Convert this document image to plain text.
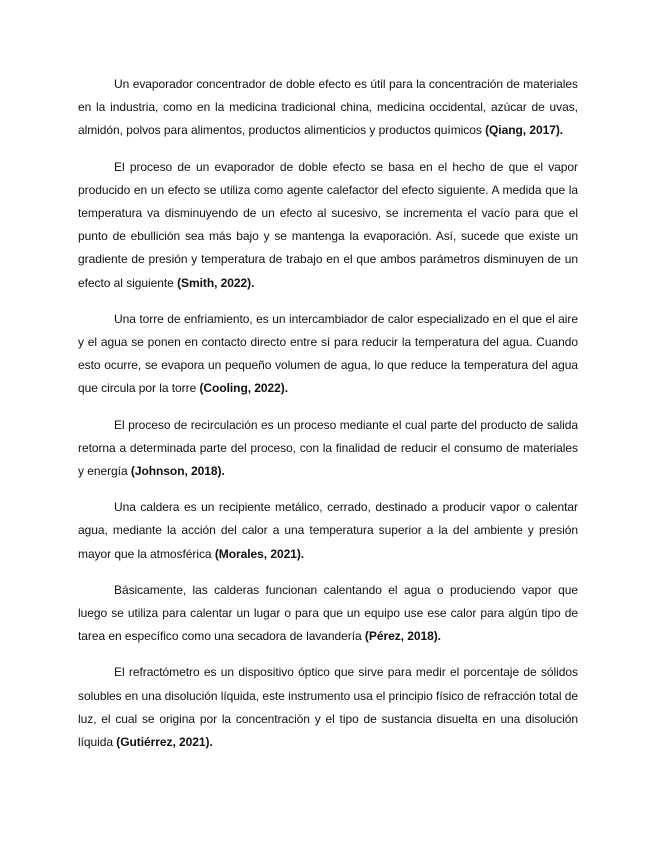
Un evaporador concentrador de doble efecto es útil para la concentración de materiales en la industria, como en la medicina tradicional china, medicina occidental, azúcar de uvas, almidón, polvos para alimentos, productos alimenticios y productos químicos (Qiang, 2017).

El proceso de un evaporador de doble efecto se basa en el hecho de que el vapor producido en un efecto se utiliza como agente calefactor del efecto siguiente. A medida que la temperatura va disminuyendo de un efecto al sucesivo, se incrementa el vacío para que el punto de ebullición sea más bajo y se mantenga la evaporación. Así, sucede que existe un gradiente de presión y temperatura de trabajo en el que ambos parámetros disminuyen de un efecto al siguiente (Smith, 2022).

Una torre de enfriamiento, es un intercambiador de calor especializado en el que el aire y el agua se ponen en contacto directo entre sí para reducir la temperatura del agua. Cuando esto ocurre, se evapora un pequeño volumen de agua, lo que reduce la temperatura del agua que circula por la torre (Cooling, 2022).

El proceso de recirculación es un proceso mediante el cual parte del producto de salida retorna a determinada parte del proceso, con la finalidad de reducir el consumo de materiales y energía (Johnson, 2018).

Una caldera es un recipiente metálico, cerrado, destinado a producir vapor o calentar agua, mediante la acción del calor a una temperatura superior a la del ambiente y presión mayor que la atmosférica (Morales, 2021).

Básicamente, las calderas funcionan calentando el agua o produciendo vapor que luego se utiliza para calentar un lugar o para que un equipo use ese calor para algún tipo de tarea en específico como una secadora de lavandería (Pérez, 2018).

El refractómetro es un dispositivo óptico que sirve para medir el porcentaje de sólidos solubles en una disolución líquida, este instrumento usa el principio físico de refracción total de luz, el cual se origina por la concentración y el tipo de sustancia disuelta en una disolución líquida (Gutiérrez, 2021).
